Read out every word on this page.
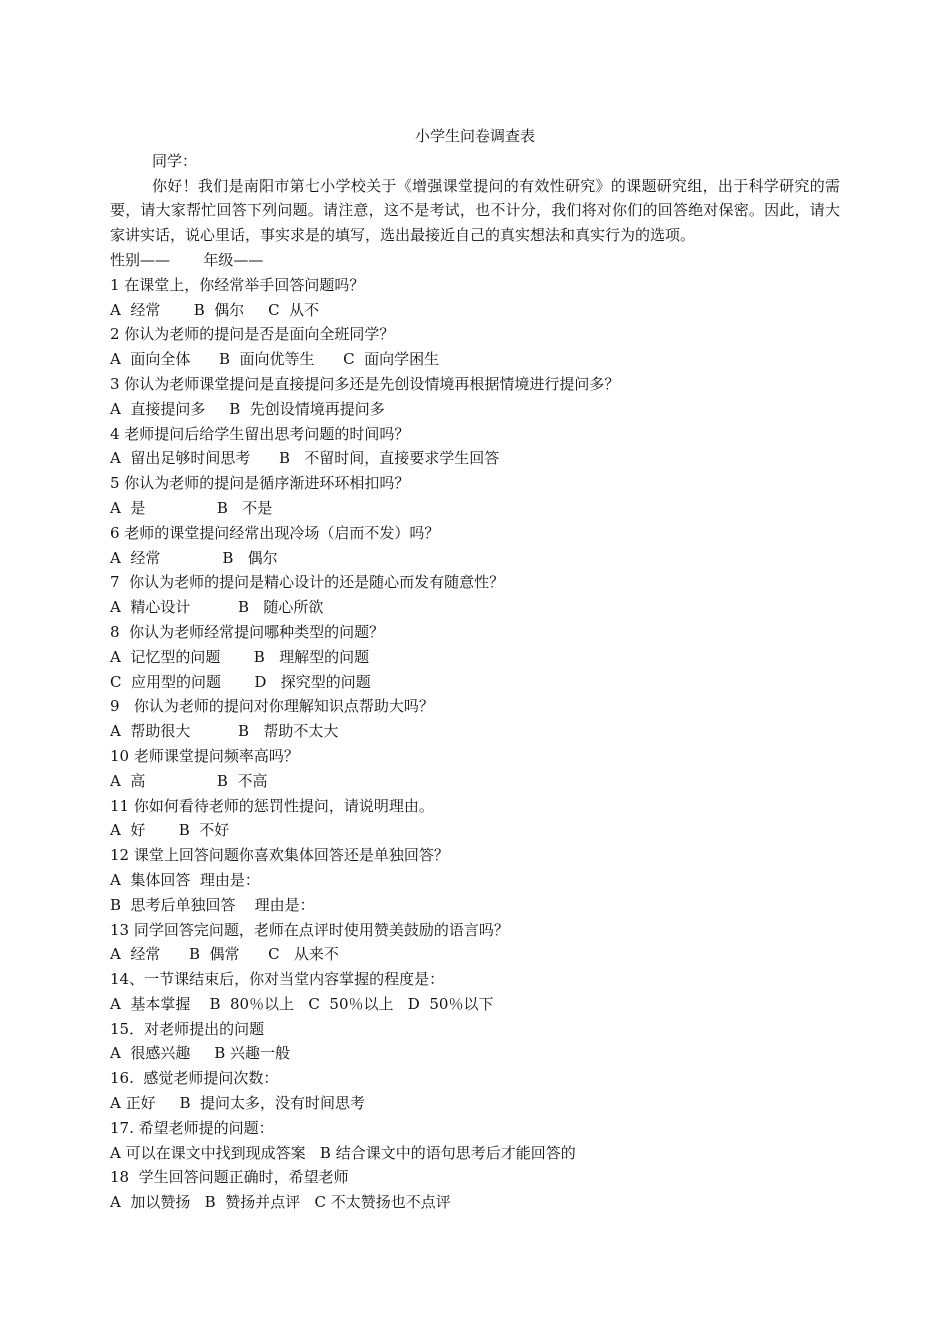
小学生问卷调查表
同学：

你好！我们是南阳市第七小学校关于《增强课堂提问的有效性研究》的课题研究组，出于科学研究的需要，请大家帮忙回答下列问题。请注意，这不是考试，也不计分，我们将对你们的回答绝对保密。因此，请大家讲实话，说心里话，事实求是的填写，选出最接近自己的真实想法和真实行为的选项。

性别——       年级——
1 在课堂上，你经常举手回答问题吗？
A  经常       B  偶尔     C  从不
2 你认为老师的提问是否是面向全班同学？
A  面向全体      B  面向优等生      C  面向学困生
3 你认为老师课堂提问是直接提问多还是先创设情境再根据情境进行提问多？
A  直接提问多     B  先创设情境再提问多
4 老师提问后给学生留出思考问题的时间吗？
A  留出足够时间思考      B   不留时间，直接要求学生回答
5 你认为老师的提问是循序渐进环环相扣吗？
A  是               B   不是
6 老师的课堂提问经常出现冷场（启而不发）吗？
A  经常             B   偶尔
7  你认为老师的提问是精心设计的还是随心而发有随意性？
A  精心设计          B   随心所欲
8  你认为老师经常提问哪种类型的问题？
A  记忆型的问题       B   理解型的问题
C  应用型的问题       D   探究型的问题
9   你认为老师的提问对你理解知识点帮助大吗？
A  帮助很大          B   帮助不太大
10 老师课堂提问频率高吗？
A  高               B  不高
11 你如何看待老师的惩罚性提问，请说明理由。
A  好       B  不好
12 课堂上回答问题你喜欢集体回答还是单独回答？
A  集体回答  理由是：
B  思考后单独回答    理由是：
13 同学回答完问题，老师在点评时使用赞美鼓励的语言吗？
A  经常      B  偶常      C   从来不
14、一节课结束后，你对当堂内容掌握的程度是：
A  基本掌握    B  80％以上   C  50％以上   D  50％以下
15．对老师提出的问题
A  很感兴趣     B 兴趣一般
16.  感觉老师提问次数：
A 正好     B  提问太多，没有时间思考
17. 希望老师提的问题：
A 可以在课文中找到现成答案   B 结合课文中的语句思考后才能回答的
18  学生回答问题正确时，希望老师
A  加以赞扬   B  赞扬并点评   C 不太赞扬也不点评
